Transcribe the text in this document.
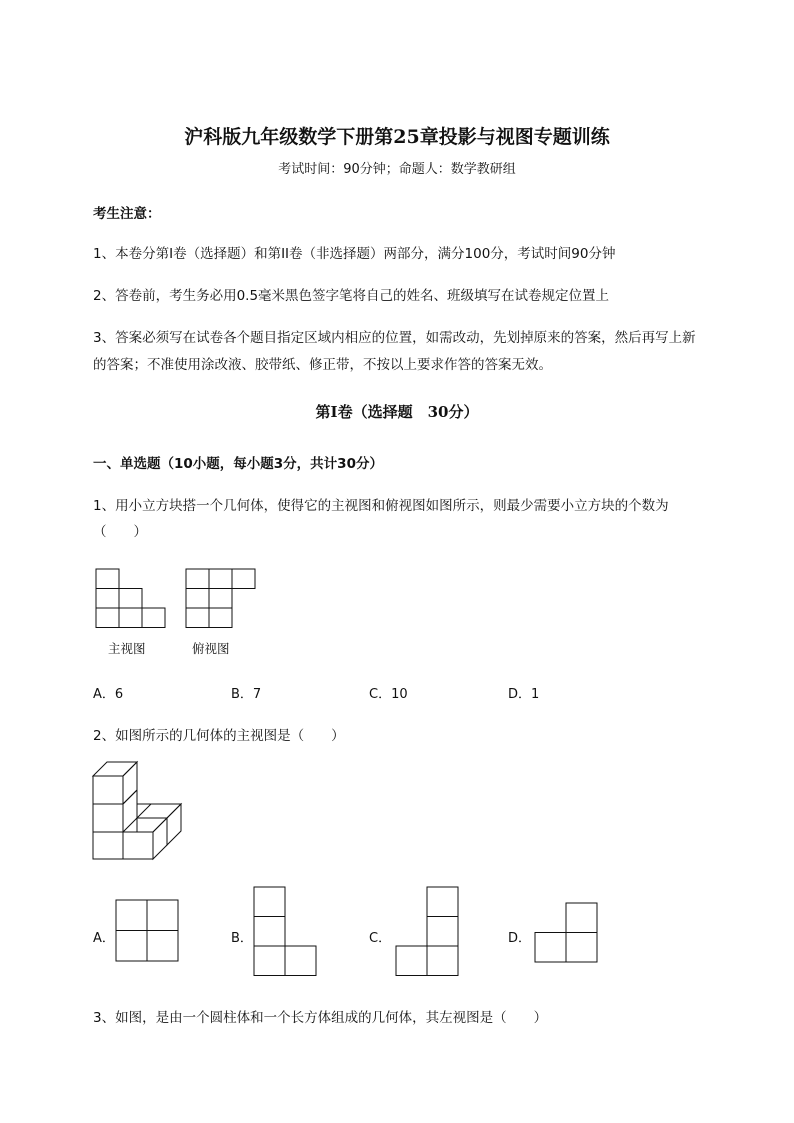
沪科版九年级数学下册第25章投影与视图专题训练
考试时间：90分钟；命题人：数学教研组
考生注意：
1、本卷分第I卷（选择题）和第II卷（非选择题）两部分，满分100分，考试时间90分钟
2、答卷前，考生务必用0.5毫米黑色签字笔将自己的姓名、班级填写在试卷规定位置上
3、答案必须写在试卷各个题目指定区域内相应的位置，如需改动，先划掉原来的答案，然后再写上新
的答案；不准使用涂改液、胶带纸、修正带，不按以上要求作答的答案无效。
第I卷（选择题　30分）
一、单选题（10小题，每小题3分，共计30分）
1、用小立方块搭一个几何体，使得它的主视图和俯视图如图所示，则最少需要小立方块的个数为
（　　）
主视图	俯视图
A．6	B．7	C．10	D．1
2、如图所示的几何体的主视图是（　　）
A．	B．	C．	D．
3、如图，是由一个圆柱体和一个长方体组成的几何体，其左视图是（　　）
